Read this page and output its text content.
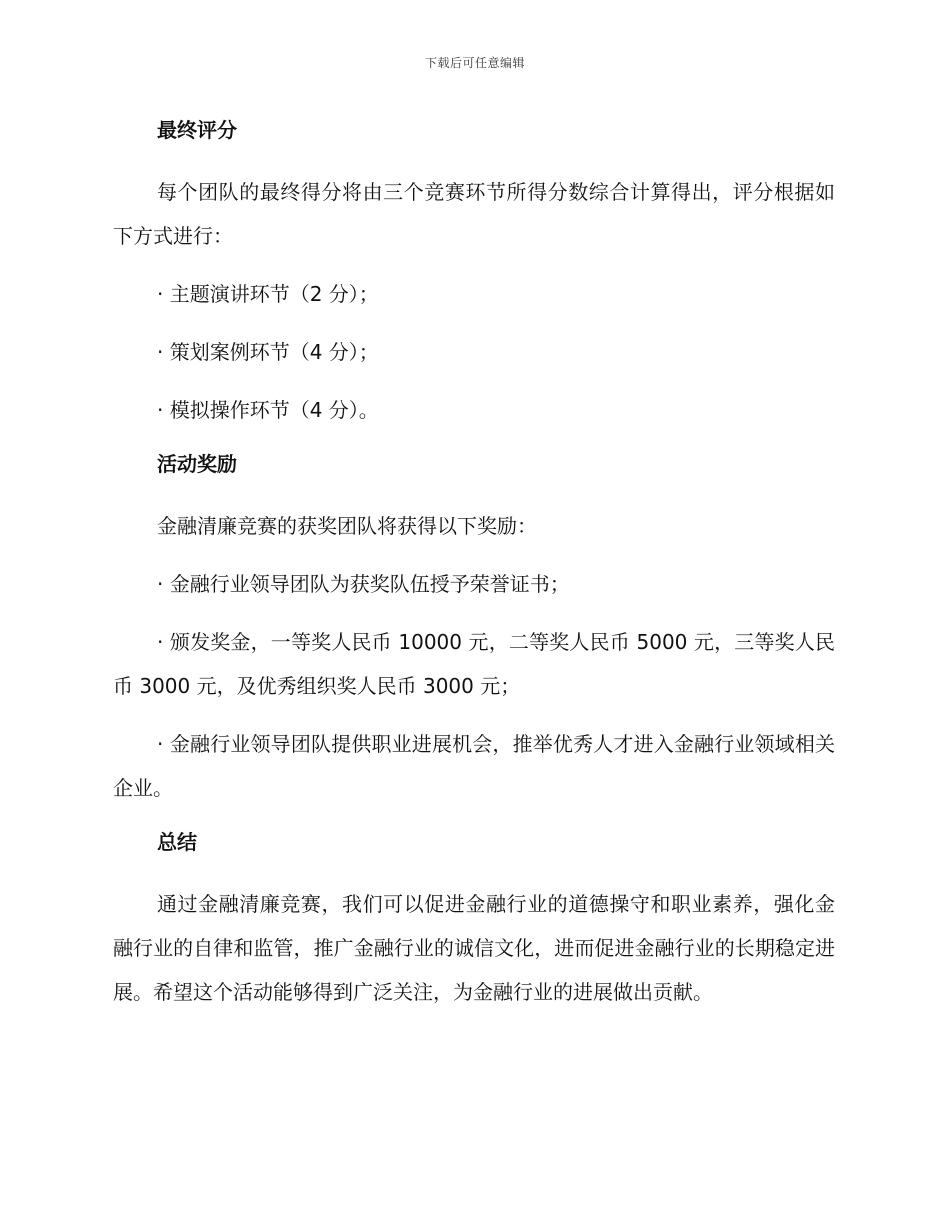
下载后可任意编辑
最终评分

每个团队的最终得分将由三个竞赛环节所得分数综合计算得出，评分根据如下方式进行：

· 主题演讲环节（2 分）；

· 策划案例环节（4 分）；

· 模拟操作环节（4 分）。

活动奖励

金融清廉竞赛的获奖团队将获得以下奖励：

· 金融行业领导团队为获奖队伍授予荣誉证书；

· 颁发奖金，一等奖人民币 10000 元，二等奖人民币 5000 元，三等奖人民币 3000 元，及优秀组织奖人民币 3000 元；

· 金融行业领导团队提供职业进展机会，推举优秀人才进入金融行业领域相关企业。

总结

通过金融清廉竞赛，我们可以促进金融行业的道德操守和职业素养，强化金融行业的自律和监管，推广金融行业的诚信文化，进而促进金融行业的长期稳定进展。希望这个活动能够得到广泛关注，为金融行业的进展做出贡献。
